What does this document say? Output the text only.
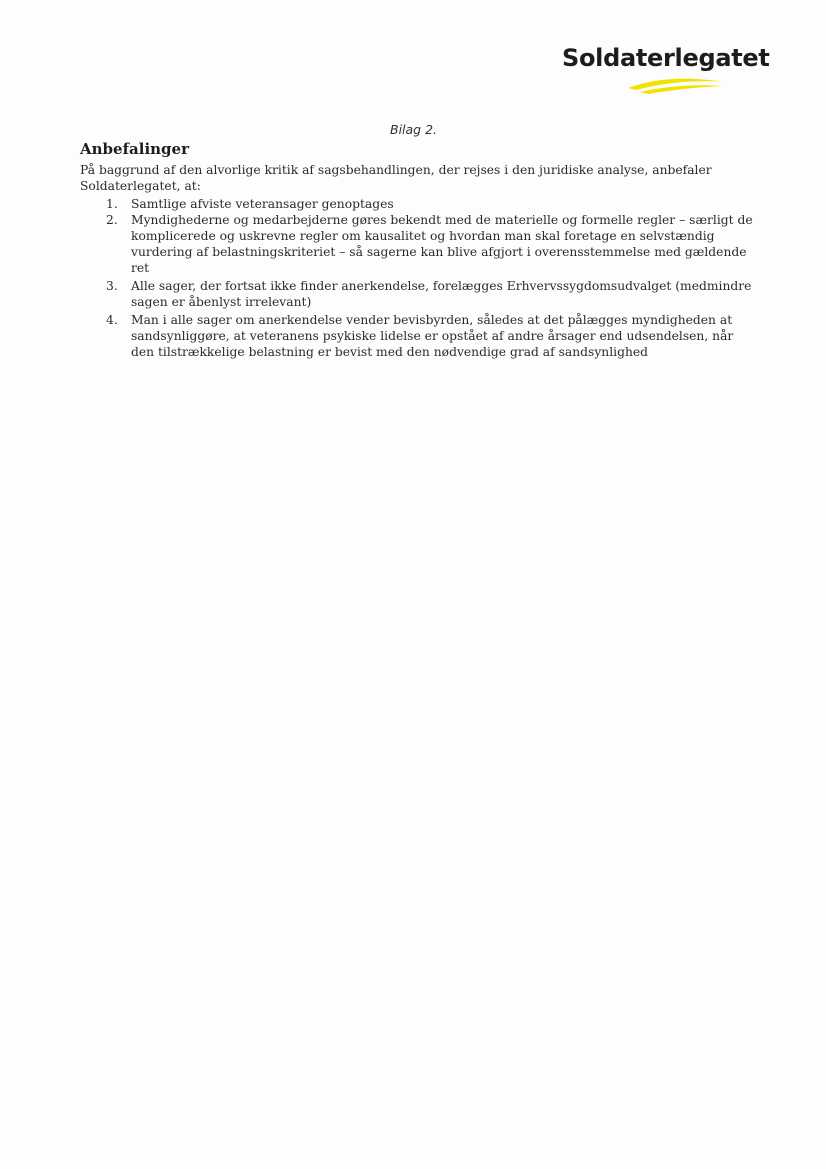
Soldaterlegatet
Bilag 2.
Anbefalinger
På baggrund af den alvorlige kritik af sagsbehandlingen, der rejses i den juridiske analyse, anbefaler Soldaterlegatet, at:
1. Samtlige afviste veteransager genoptages
2. Myndighederne og medarbejderne gøres bekendt med de materielle og formelle regler – særligt de komplicerede og uskrevne regler om kausalitet og hvordan man skal foretage en selvstændig vurdering af belastningskriteriet – så sagerne kan blive afgjort i overensstemmelse med gældende ret
3. Alle sager, der fortsat ikke finder anerkendelse, forelægges Erhvervssygdomsudvalget (medmindre sagen er åbenlyst irrelevant)
4. Man i alle sager om anerkendelse vender bevisbyrden, således at det pålægges myndigheden at sandsynliggøre, at veteranens psykiske lidelse er opstået af andre årsager end udsendelsen, når den tilstrækkelige belastning er bevist med den nødvendige grad af sandsynlighed
